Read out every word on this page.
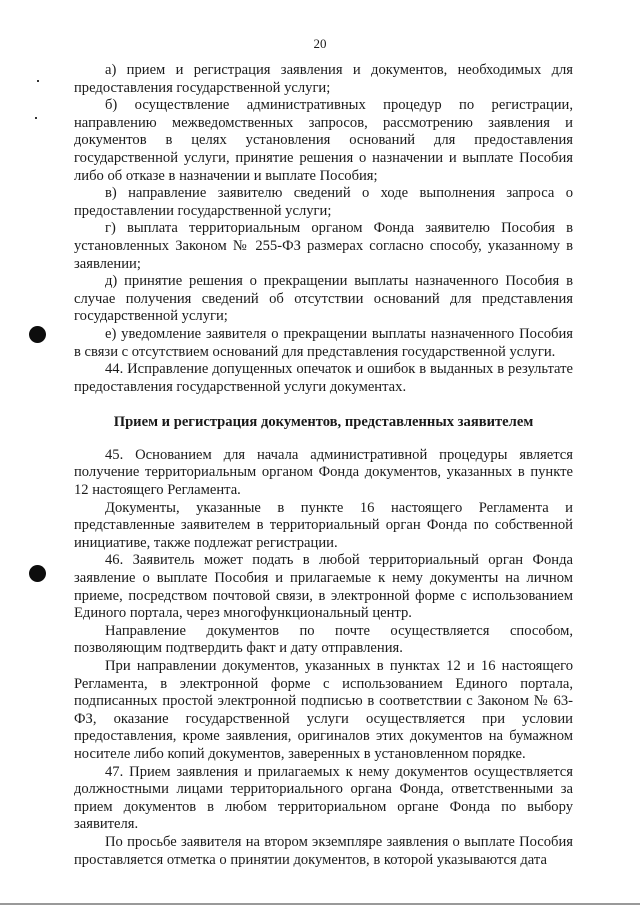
20

а) прием и регистрация заявления и документов, необходимых для предоставления государственной услуги;

б) осуществление административных процедур по регистрации, направлению межведомственных запросов, рассмотрению заявления и документов в целях установления оснований для предоставления государственной услуги, принятие решения о назначении и выплате Пособия либо об отказе в назначении и выплате Пособия;

в) направление заявителю сведений о ходе выполнения запроса о предоставлении государственной услуги;

г) выплата территориальным органом Фонда заявителю Пособия в установленных Законом № 255-ФЗ размерах согласно способу, указанному в заявлении;

д) принятие решения о прекращении выплаты назначенного Пособия в случае получения сведений об отсутствии оснований для представления государственной услуги;

е) уведомление заявителя о прекращении выплаты назначенного Пособия в связи с отсутствием оснований для представления государственной услуги.

44. Исправление допущенных опечаток и ошибок в выданных в результате предоставления государственной услуги документах.

Прием и регистрация документов, представленных заявителем

45. Основанием для начала административной процедуры является получение территориальным органом Фонда документов, указанных в пункте 12 настоящего Регламента.

Документы, указанные в пункте 16 настоящего Регламента и представленные заявителем в территориальный орган Фонда по собственной инициативе, также подлежат регистрации.

46. Заявитель может подать в любой территориальный орган Фонда заявление о выплате Пособия и прилагаемые к нему документы на личном приеме, посредством почтовой связи, в электронной форме с использованием Единого портала, через многофункциональный центр.

Направление документов по почте осуществляется способом, позволяющим подтвердить факт и дату отправления.

При направлении документов, указанных в пунктах 12 и 16 настоящего Регламента, в электронной форме с использованием Единого портала, подписанных простой электронной подписью в соответствии с Законом № 63-ФЗ, оказание государственной услуги осуществляется при условии предоставления, кроме заявления, оригиналов этих документов на бумажном носителе либо копий документов, заверенных в установленном порядке.

47. Прием заявления и прилагаемых к нему документов осуществляется должностными лицами территориального органа Фонда, ответственными за прием документов в любом территориальном органе Фонда по выбору заявителя.

По просьбе заявителя на втором экземпляре заявления о выплате Пособия проставляется отметка о принятии документов, в которой указываются дата
